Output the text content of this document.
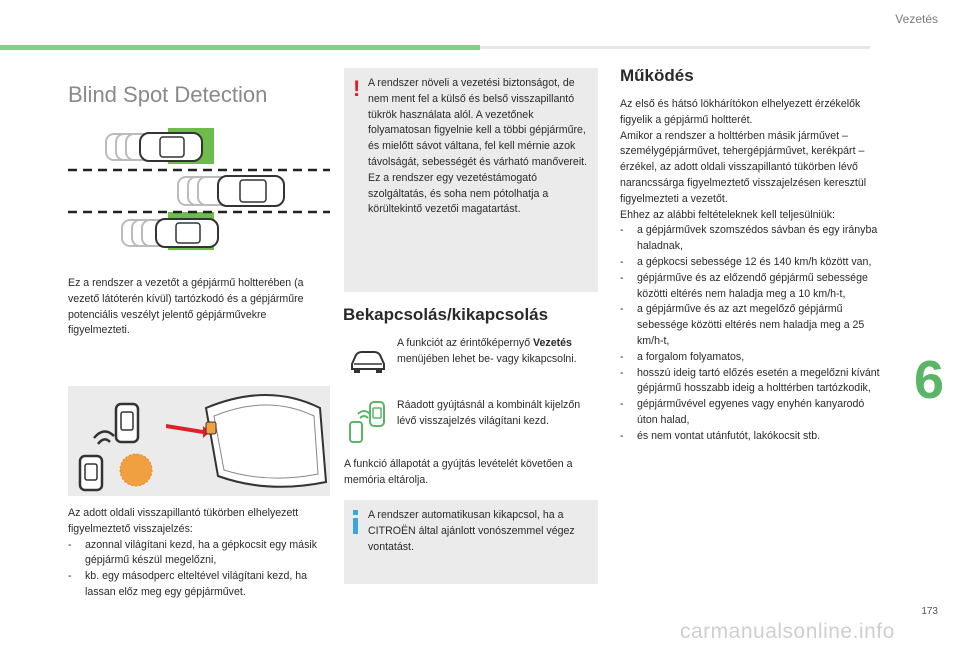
Vezetés
6
173
carmanualsonline.info
Blind Spot Detection

Ez a rendszer a vezetőt a gépjármű holtterében (a vezető látóterén kívül) tartózkodó és a gépjárműre potenciális veszélyt jelentő gépjárművekre figyelmezteti.

Az adott oldali visszapillantó tükörben elhelyezett figyelmeztető visszajelzés:
- azonnal világítani kezd, ha a gépkocsit egy másik gépjármű készül megelőzni,
- kb. egy másodperc elteltével világítani kezd, ha lassan előz meg egy gépjárművet.
! A rendszer növeli a vezetési biztonságot, de nem ment fel a külső és belső visszapillantó tükrök használata alól. A vezetőnek folyamatosan figyelnie kell a többi gépjárműre, és mielőtt sávot váltana, fel kell mérnie azok távolságát, sebességét és várható manővereit.
Ez a rendszer egy vezetéstámogató szolgáltatás, és soha nem pótolhatja a körültekintő vezetői magatartást.
Bekapcsolás/kikapcsolás
A funkciót az érintőképernyő Vezetés menüjében lehet be- vagy kikapcsolni.
Ráadott gyújtásnál a kombinált kijelzőn lévő visszajelzés világítani kezd.

A funkció állapotát a gyújtás levételét követően a memória eltárolja.

A rendszer automatikusan kikapcsol, ha a CITROËN által ajánlott vonószemmel végez vontatást.
Működés
Az első és hátsó lökhárítókon elhelyezett érzékelők figyelik a gépjármű holtterét.
Amikor a rendszer a holttérben másik járművet – személygépjárművet, tehergépjárművet, kerékpárt – érzékel, az adott oldali visszapillantó tükörben lévő narancssárga figyelmeztető visszajelzésen keresztül figyelmezteti a vezetőt.
Ehhez az alábbi feltételeknek kell teljesülniük:
- a gépjárművek szomszédos sávban és egy irányba haladnak,
- a gépkocsi sebessége 12 és 140 km/h között van,
- gépjárműve és az előzendő gépjármű sebessége közötti eltérés nem haladja meg a 10 km/h-t,
- a gépjárműve és az azt megelőző gépjármű sebessége közötti eltérés nem haladja meg a 25 km/h-t,
- a forgalom folyamatos,
- hosszú ideig tartó előzés esetén a megelőzni kívánt gépjármű hosszabb ideig a holttérben tartózkodik,
- gépjárművével egyenes vagy enyhén kanyarodó úton halad,
- és nem vontat utánfutót, lakókocsit stb.
